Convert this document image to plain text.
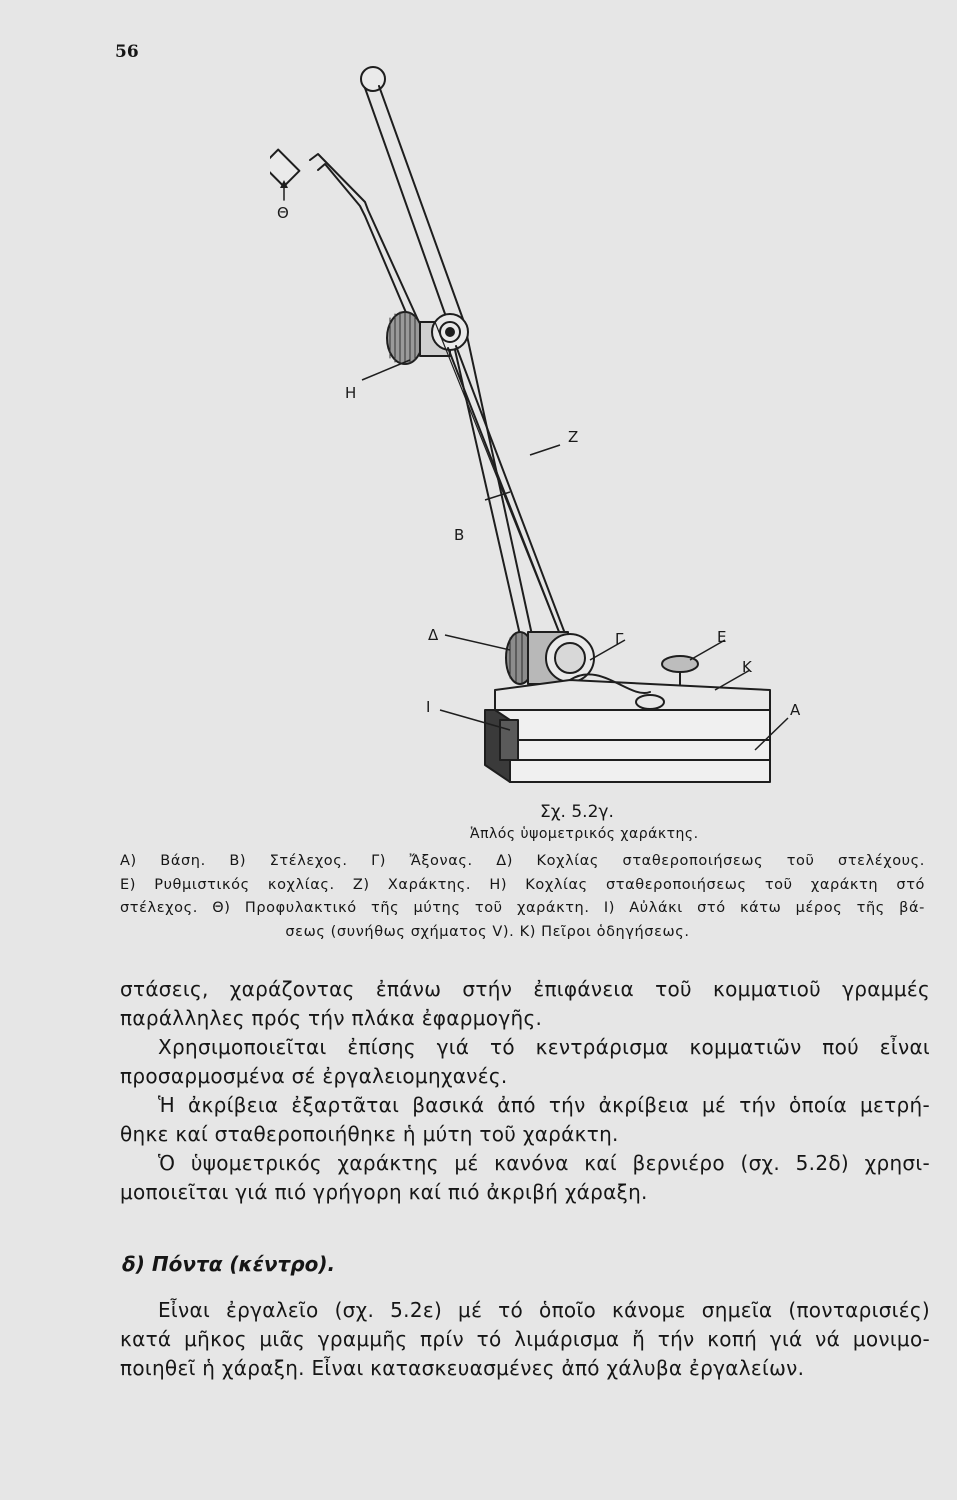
56
Θ
Η
Ζ
Β
Δ	Γ	Ε
Κ
Ι	Α
Σχ. 5.2γ.
Ἁπλός ὑψομετρικός χαράκτης.
Α) Βάση. Β) Στέλεχος. Γ) Ἄξονας. Δ) Κοχλίας σταθεροποιήσεως τοῦ στελέχους.
Ε) Ρυθμιστικός κοχλίας. Ζ) Χαράκτης. Η) Κοχλίας σταθεροποιήσεως τοῦ χαράκτη στό
στέλεχος. Θ) Προφυλακτικό τῆς μύτης τοῦ χαράκτη. Ι) Αὐλάκι στό κάτω μέρος τῆς βά-
σεως (συνήθως σχήματος V). Κ) Πεῖροι ὁδηγήσεως.

στάσεις, χαράζοντας ἐπάνω στήν ἐπιφάνεια τοῦ κομματιοῦ γραμμές

παράλληλες πρός τήν πλάκα ἐφαρμογῆς.

Χρησιμοποιεῖται ἐπίσης γιά τό κεντράρισμα κομματιῶν πού εἶναι

προσαρμοσμένα σέ ἐργαλειομηχανές.

Ἡ ἀκρίβεια ἐξαρτᾶται βασικά ἀπό τήν ἀκρίβεια μέ τήν ὁποία μετρή-

θηκε καί σταθεροποιήθηκε ἡ μύτη τοῦ χαράκτη.

Ὁ ὑψομετρικός χαράκτης μέ κανόνα καί βερνιέρο (σχ. 5.2δ) χρησι-

μοποιεῖται γιά πιό γρήγορη καί πιό ἀκριβή χάραξη.

δ) Πόντα (κέντρο).

Εἶναι ἐργαλεῖο (σχ. 5.2ε) μέ τό ὁποῖο κάνομε σημεῖα (πονταρισιές)

κατά μῆκος μιᾶς γραμμῆς πρίν τό λιμάρισμα ἤ τήν κοπή γιά νά μονιμο-

ποιηθεῖ ἡ χάραξη. Εἶναι κατασκευασμένες ἀπό χάλυβα ἐργαλείων.
